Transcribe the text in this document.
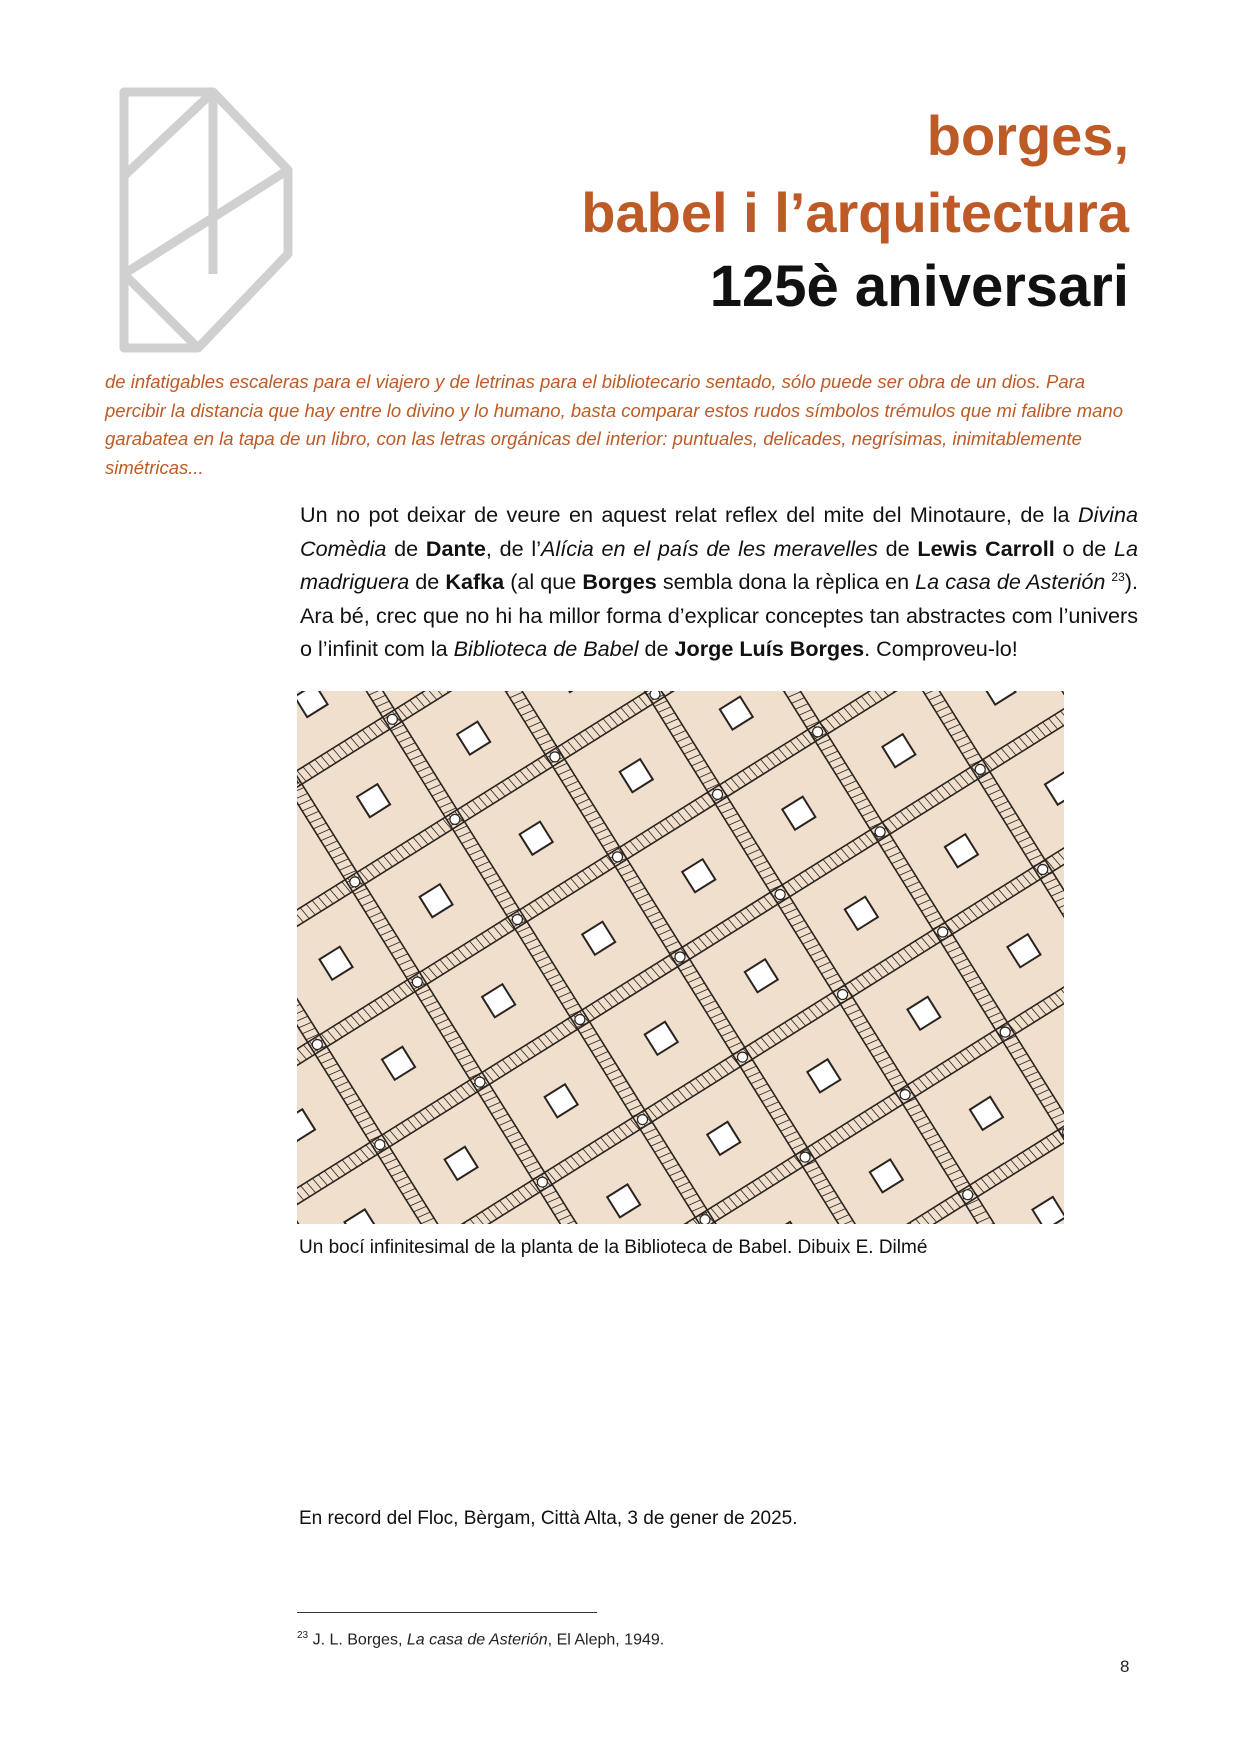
borges,
babel i l’arquitectura
125è aniversari
de infatigables escaleras para el viajero y de letrinas para el bibliotecario sentado, sólo puede ser obra de un dios. Para percibir la distancia que hay entre lo divino y lo humano, basta comparar estos rudos símbolos trémulos que mi falibre mano garabatea en la tapa de un libro, con las letras orgánicas del interior: puntuales, delicades, negrísimas, inimitablemente simétricas...
Un no pot deixar de veure en aquest relat reflex del mite del Minotaure, de la Divina Comèdia de Dante, de l’Alícia en el país de les meravelles de Lewis Carroll o de La madriguera de Kafka (al que Borges sembla dona la rèplica en La casa de Asterión $^{23}$). Ara bé, crec que no hi ha millor forma d’explicar conceptes tan abstractes com l’univers o l’infinit com la Biblioteca de Babel de Jorge Luís Borges. Comproveu-lo!
Un bocí infinitesimal de la planta de la Biblioteca de Babel. Dibuix E. Dilmé
En record del Floc, Bèrgam, Città Alta, 3 de gener de 2025.
$^{23}$ J. L. Borges, La casa de Asterión, El Aleph, 1949.
8
